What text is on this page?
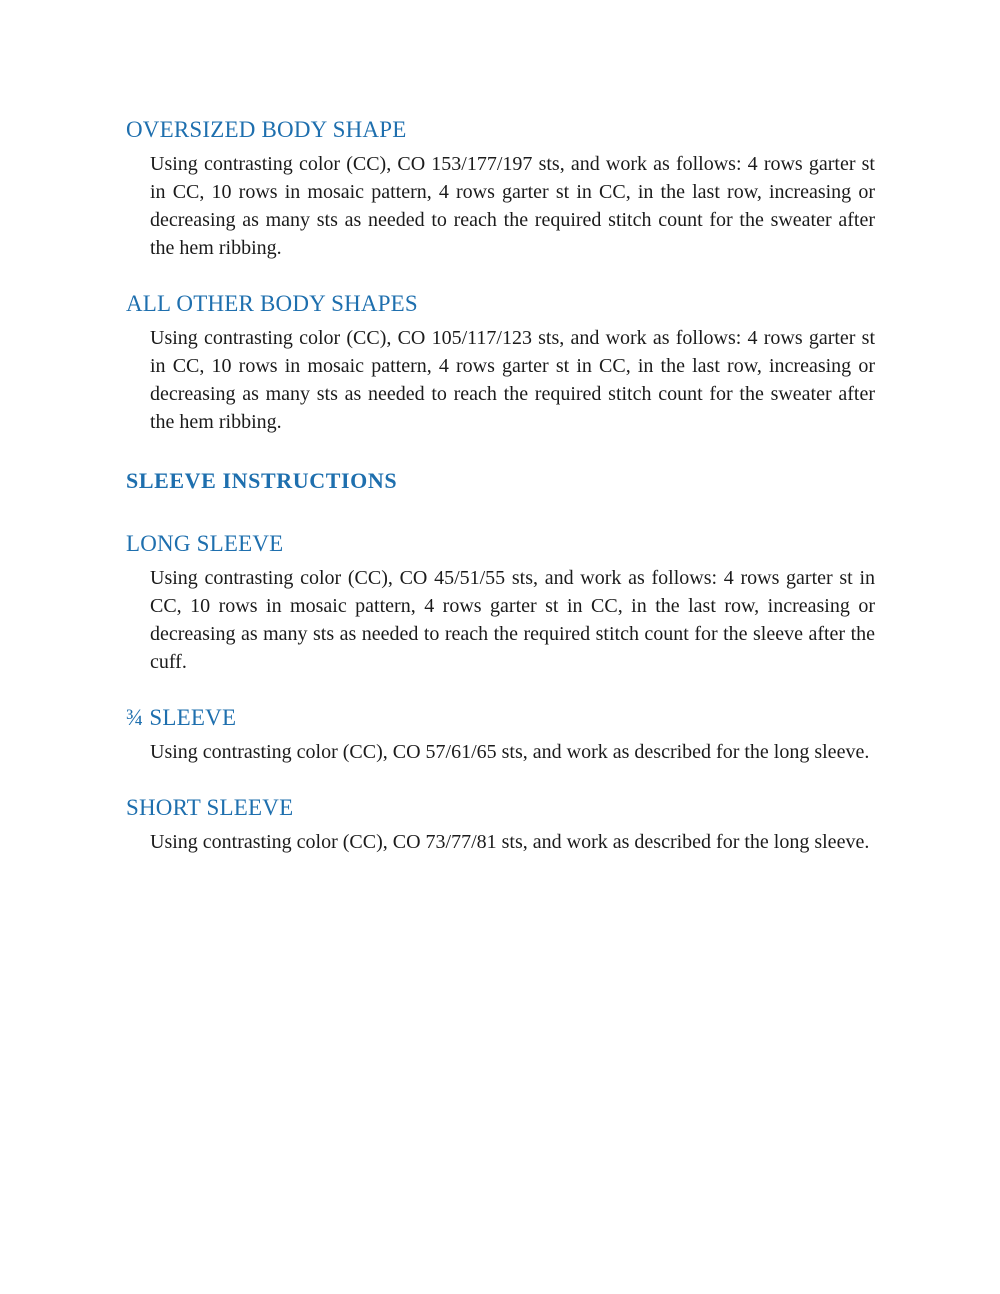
OVERSIZED BODY SHAPE

Using contrasting color (CC), CO 153/177/197 sts, and work as follows: 4 rows garter st in CC, 10 rows in mosaic pattern, 4 rows garter st in CC, in the last row, increasing or decreasing as many sts as needed to reach the required stitch count for the sweater after the hem ribbing.

ALL OTHER BODY SHAPES

Using contrasting color (CC), CO 105/117/123 sts, and work as follows: 4 rows garter st in CC, 10 rows in mosaic pattern, 4 rows garter st in CC, in the last row, increasing or decreasing as many sts as needed to reach the required stitch count for the sweater after the hem ribbing.

SLEEVE INSTRUCTIONS
LONG SLEEVE

Using contrasting color (CC), CO 45/51/55 sts, and work as follows: 4 rows garter st in CC, 10 rows in mosaic pattern, 4 rows garter st in CC, in the last row, increasing or decreasing as many sts as needed to reach the required stitch count for the sleeve after the cuff.

¾ SLEEVE

Using contrasting color (CC), CO 57/61/65 sts, and work as described for the long sleeve.

SHORT SLEEVE

Using contrasting color (CC), CO 73/77/81 sts, and work as described for the long sleeve.
